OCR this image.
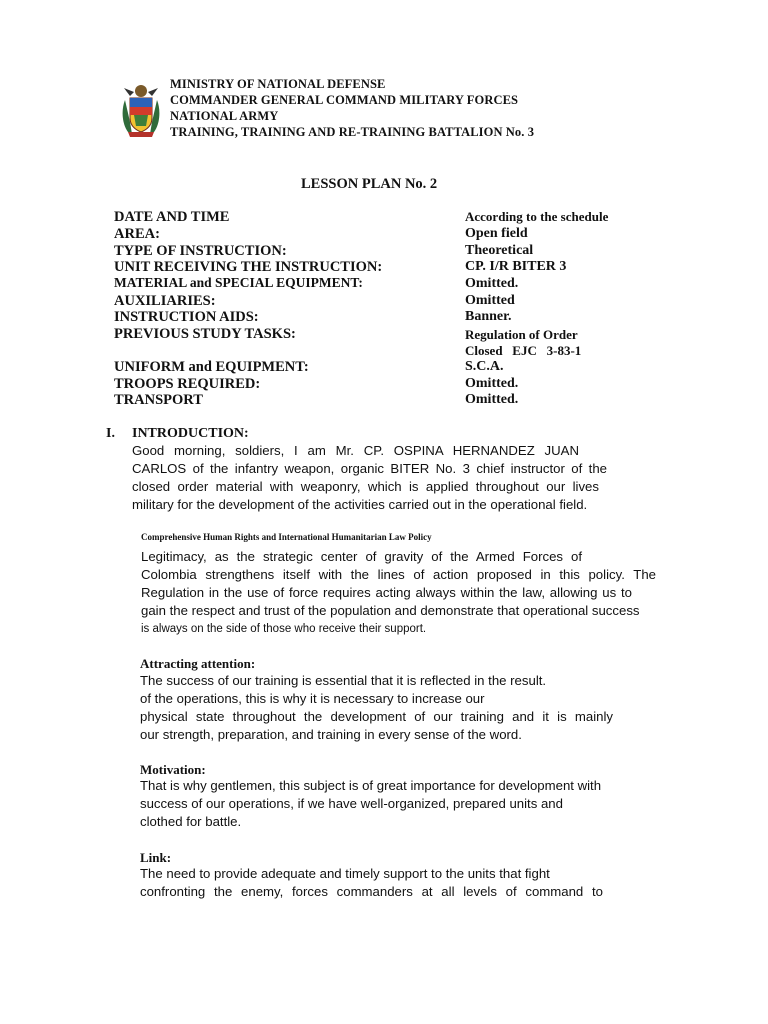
MINISTRY OF NATIONAL DEFENSE
COMMANDER GENERAL COMMAND MILITARY FORCES
NATIONAL ARMY
TRAINING, TRAINING AND RE-TRAINING BATTALION No. 3
LESSON PLAN No. 2
DATE AND TIME	According to the schedule
AREA:	Open field
TYPE OF INSTRUCTION:	Theoretical
UNIT RECEIVING THE INSTRUCTION:	CP. I/R BITER 3
MATERIAL and SPECIAL EQUIPMENT:	Omitted.
AUXILIARIES:	Omitted
INSTRUCTION AIDS:	Banner.
PREVIOUS STUDY TASKS:	Regulation of Order
Closed   EJC   3-83-1
UNIFORM and EQUIPMENT:	S.C.A.
TROOPS REQUIRED:	Omitted.
TRANSPORT	Omitted.
I. INTRODUCTION:
Good morning, soldiers, I am Mr. CP. OSPINA HERNANDEZ JUAN
CARLOS of the infantry weapon, organic BITER No. 3 chief instructor of the
closed order material with weaponry, which is applied throughout our lives
military for the development of the activities carried out in the operational field.
Comprehensive Human Rights and International Humanitarian Law Policy
Legitimacy, as the strategic center of gravity of the Armed Forces of
Colombia strengthens itself with the lines of action proposed in this policy. The
Regulation in the use of force requires acting always within the law, allowing us to
gain the respect and trust of the population and demonstrate that operational success
is always on the side of those who receive their support.
Attracting attention:
The success of our training is essential that it is reflected in the result.
of the operations, this is why it is necessary to increase our
physical state throughout the development of our training and it is mainly
our strength, preparation, and training in every sense of the word.
Motivation:
That is why gentlemen, this subject is of great importance for development with
success of our operations, if we have well-organized, prepared units and
clothed for battle.
Link:
The need to provide adequate and timely support to the units that fight
confronting the enemy, forces commanders at all levels of command to
